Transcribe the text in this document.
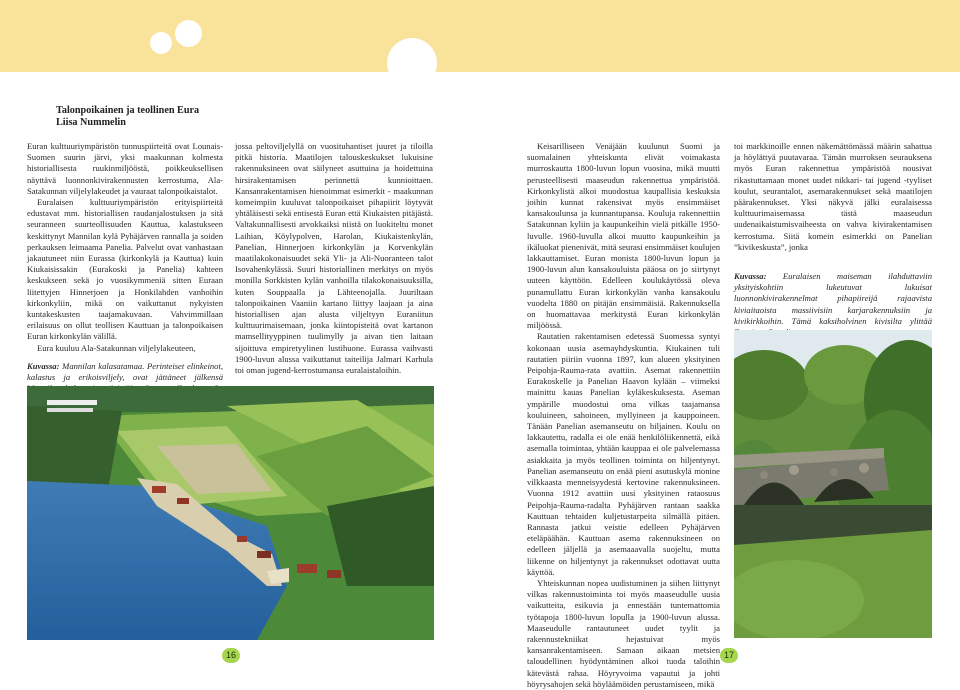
Talonpoikainen ja teollinen Eura
Liisa Nummelin

Euran kulttuuriympäristön tunnuspiirteitä ovat Lounais-Suomen suurin järvi, yksi maakunnan kolmesta historiallisesta ruukinmiljööstä, poikkeuksellisen näyttävä luonnonkivirakennusten kerrostuma, Ala-Satakunnan viljelylakeudet ja vauraat talonpoikaistalot.

Euralaisen kulttuuriympäristön erityispiirteitä edustavat mm. historiallisen raudanjalostuksen ja sitä seuranneen suurteollisuuden Kauttua, kalastukseen keskittynyt Mannilan kylä Pyhäjärven rannalla ja soiden perkauksen leimaama Panelia. Palvelut ovat vanhastaan jakautuneet niin Eurassa (kirkonkylä ja Kauttua) kuin Kiukaisissakin (Eurakoski ja Panelia) kahteen keskukseen sekä jo vuosikymmeniä sitten Euraan liitettyjen Hinnerjoen ja Honkilahden vanhoihin kirkonkyliin, mikä on vaikuttanut nykyisten kuntakeskusten taajamakuvaan. Vahvimmillaan erilaisuus on ollut teollisen Kauttuan ja talonpoikaisen Euran kirkonkylän välillä.

Eura kuuluu Ala-Satakunnan viljelylakeuteen,

Kuvassa: Mannilan kalasatamaa. Perinteiset elinkeinot, kalastus ja erikoisviljely, ovat jättäneet jälkensä

jossa peltoviljelyllä on vuosituhantiset juuret ja tiloilla pitkä historia. Maatilojen talouskeskukset lukuisine rakennuksineen ovat säilyneet asuttuina ja hoidettuina hirsirakentamisen perinnettä kunnioittaen. Kansanrakentamisen hienoimmat esimerkit - maakunnan komeimpiin kuuluvat talonpoikaiset pihapiirit löytyvät yhtäläisesti sekä entisestä Euran että Kiukaisten pitäjästä. Valtakunnallisesti arvokkaiksi niistä on luokiteltu monet Laihian, Köylypolven, Harolan, Kiukaistenkylän, Panelian, Hinnerjoen kirkonkylän ja Korvenkylän maatilakokonaisuudet sekä Yli- ja Ali-Nuoranteen talot Isovahenkylässä. Suuri historiallinen merkitys on myös monilla Sorkkisten kylän vanhoilla tilakokonaisuuksilla, kuten Souppaalla ja Lähteenojalla. Juuriltaan talonpoikainen Vaaniin kartano liittyy laajaan ja aina historiallisen ajan alusta viljeltyyn Euraniitun kulttuurimaisemaan, jonka kiintopisteitä ovat kartanon mamsellityyppinen tuulimylly ja aivan tien laitaan sijoittuva empiretyylinen lustihuone. Eurassa vaihvasti 1900-luvun alussa vaikuttanut taiteilija Jalmari Karhula toi oman jugend-kerrostumansa euralaistaloihin.

Keisarilliseen Venäjään kuulunut Suomi ja suomalainen yhteiskunta elivät voimakasta murroskautta 1800-luvun lopun vuosina, mikä muutti perusteellisesti maaseudun rakennettua ympäristöä. Kirkonkylistä alkoi muodostua kaupallisia keskuksia joihin kunnat rakensivat myös ensimmäiset kansakoulunsa ja kunnantupansa. Kouluja rakennettiin Satakunnan kyliin ja kaupunkeihin vielä pitkälle 1950-luvulle. 1960-luvulla alkoi muutto kaupunkeihin ja ikäluokat pienenivät, mitä seurasi ensimmäiset koulujen lakkauttamiset. Euran monista 1800-luvun lopun ja 1900-luvun alun kansakouluista pääosa on jo siirtynyt uuteen käyttöön. Edelleen koulukäytössä oleva punamullattu Euran kirkonkylän vanha kansakoulu vuodelta 1880 on pitäjän ensimmäisiä. Rakennuksella on huomattavaa merkitystä Euran kirkonkylän miljöössä.

Rautatien rakentamisen edetessä Suomessa syntyi kokonaan uusia asemayhdyskuntia. Kiukainen tuli rautatien piiriin vuonna 1897, kun alueen yksityinen Peipohja-Rauma-rata avattiin. Asemat rakennettiin Eurakoskelle ja Panelian Haavon kylään – viimeksi mainittu kauas Panelian kyläkeskuksesta. Aseman ympärille muodostui oma vilkas taajamansa kouluineen, sahoineen, myllyineen ja kauppoineen. Tänään Panelian asemanseutu on hiljainen. Koulu on lakkautettu, radalla ei ole enää henkilöliikennettä, eikä asemalla toimintaa, yhtään kauppaa ei ole palvelemassa asiakkaita ja myös teollinen toiminta on hiljentynyt. Panelian asemanseutu on enää pieni asutuskylä monine vilkkaasta menneisyydestä kertovine rakennuksineen. Vuonna 1912 avattiin uusi yksityinen rataosuus Peipohja-Rauma-radalta Pyhäjärven rantaan saakka Kauttuan tehtaiden kuljetustarpeita silmällä pitäen. Rannasta jatkui veistie edelleen Pyhäjärven eteläpäähän. Kauttuan asema rakennuksineen on edelleen jäljellä ja asemaaavalla suojeltu, mutta liikenne on hiljentynyt ja rakennukset odottavat uutta käyttöä.

Yhteiskunnan nopea uudistuminen ja siihen liittynyt vilkas rakennustoiminta toi myös maaseudulle uusia vaikutteita, esikuvia ja ennestään tuntemattomia työtapoja 1800-luvun lopulla ja 1900-luvun alussa. Maaseudulle rantautuneet uudet tyylit ja rakennustekniikat hejastuivat myös kansanrakentamiseen. Samaan aikaan metsien taloudellinen hyödyntäminen alkoi tuoda taloihin kätevästä rahaa. Höyryvoima vapautui ja johti höyrysahojen sekä höyläämöiden perustamiseen, mikä

toi markkinoille ennen näkemättömässä määrin sahattua ja höylättyä puutavaraa. Tämän murroksen seurauksena myös Euran rakennettua ympäristöä nousivat rikastuttamaan monet uudet nikkari- tai jugend -tyyliset koulut, seurantalot, asemarakennukset sekä maatilojen päärakennukset. Yksi näkyvä jälki euralaisessa kulttuurimaisemassa tästä maaseudun uudenaikaistumisvaiheesta on vahva kivirakentamisen kerrostuma. Siitä komein esimerkki on Panelian ”kivikeskusta”, jonka

Kuvassa: Euralaisen maiseman ilahduttaviin yksityiskohtiin lukeutuvat lukuisat luonnonkivirakennelmat pihapiireijä rajaavista kiviaitaoista massiivisiin karjarakennuksiin ja kivikirkkoihin. Tämä kaksiholvinen kivisilta ylittää

16	17
